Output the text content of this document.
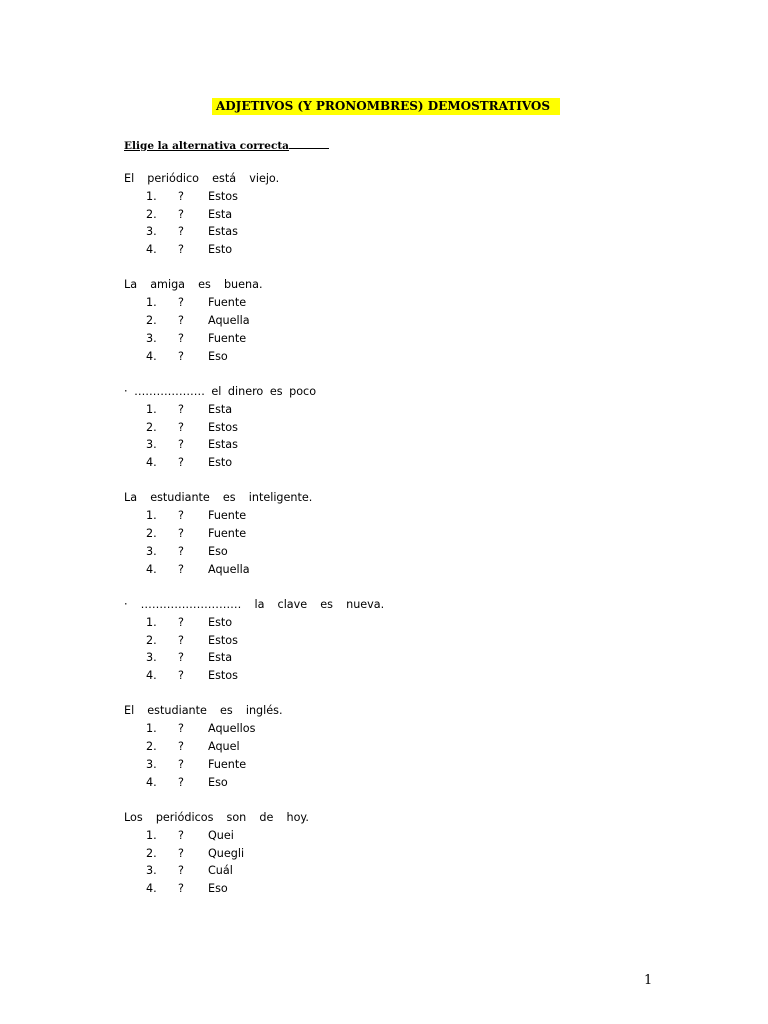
ADJETIVOS (Y PRONOMBRES) DEMOSTRATIVOS
Elige la alternativa correcta
El  periódico  está  viejo.
1. ? Estos
2. ? Esta
3. ? Estas
4. ? Esto
La  amiga  es  buena.
1. ? Fuente
2. ? Aquella
3. ? Fuente
4. ? Eso
· ………………. el dinero es poco
1. ? Esta
2. ? Estos
3. ? Estas
4. ? Esto
La  estudiante  es  inteligente.
1. ? Fuente
2. ? Fuente
3. ? Eso
4. ? Aquella
·  ………………………  la  clave  es  nueva.
1. ? Esto
2. ? Estos
3. ? Esta
4. ? Estos
El  estudiante  es  inglés.
1. ? Aquellos
2. ? Aquel
3. ? Fuente
4. ? Eso
Los  periódicos  son  de  hoy.
1. ? Quei
2. ? Quegli
3. ? Cuál
4. ? Eso
1
